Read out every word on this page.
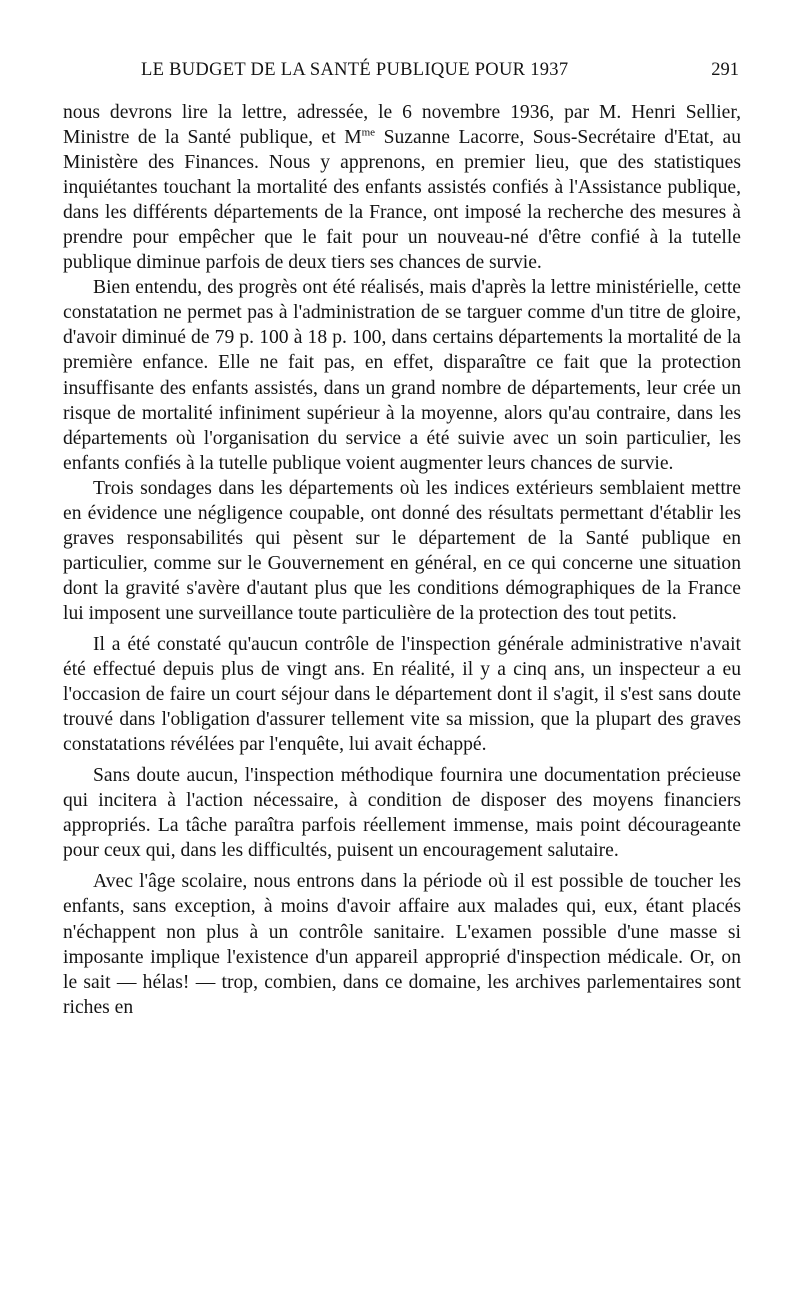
LE BUDGET DE LA SANTÉ PUBLIQUE POUR 1937	291

nous devrons lire la lettre, adressée, le 6 novembre 1936, par M. Henri Sellier, Ministre de la Santé publique, et $M^{me}$ Suzanne Lacorre, Sous-Secrétaire d'Etat, au Ministère des Finances. Nous y apprenons, en premier lieu, que des statistiques inquiétantes touchant la mortalité des enfants assistés confiés à l'Assistance publique, dans les différents départements de la France, ont imposé la recherche des mesures à prendre pour empêcher que le fait pour un nouveau-né d'être confié à la tutelle publique diminue parfois de deux tiers ses chances de survie.

Bien entendu, des progrès ont été réalisés, mais d'après la lettre ministérielle, cette constatation ne permet pas à l'administration de se targuer comme d'un titre de gloire, d'avoir diminué de 79 p. 100 à 18 p. 100, dans certains départements la mortalité de la première enfance. Elle ne fait pas, en effet, disparaître ce fait que la protection insuffisante des enfants assistés, dans un grand nombre de départements, leur crée un risque de mortalité infiniment supérieur à la moyenne, alors qu'au contraire, dans les départements où l'organisation du service a été suivie avec un soin particulier, les enfants confiés à la tutelle publique voient augmenter leurs chances de survie.

Trois sondages dans les départements où les indices extérieurs semblaient mettre en évidence une négligence coupable, ont donné des résultats permettant d'établir les graves responsabilités qui pèsent sur le département de la Santé publique en particulier, comme sur le Gouvernement en général, en ce qui concerne une situation dont la gravité s'avère d'autant plus que les conditions démographiques de la France lui imposent une surveillance toute particulière de la protection des tout petits.

Il a été constaté qu'aucun contrôle de l'inspection générale administrative n'avait été effectué depuis plus de vingt ans. En réalité, il y a cinq ans, un inspecteur a eu l'occasion de faire un court séjour dans le département dont il s'agit, il s'est sans doute trouvé dans l'obligation d'assurer tellement vite sa mission, que la plupart des graves constatations révélées par l'enquête, lui avait échappé.

Sans doute aucun, l'inspection méthodique fournira une documentation précieuse qui incitera à l'action nécessaire, à condition de disposer des moyens financiers appropriés. La tâche paraîtra parfois réellement immense, mais point décourageante pour ceux qui, dans les difficultés, puisent un encouragement salutaire.

Avec l'âge scolaire, nous entrons dans la période où il est possible de toucher les enfants, sans exception, à moins d'avoir affaire aux malades qui, eux, étant placés n'échappent non plus à un contrôle sanitaire. L'examen possible d'une masse si imposante implique l'existence d'un appareil approprié d'inspection médicale. Or, on le sait — hélas! — trop, combien, dans ce domaine, les archives parlementaires sont riches en
